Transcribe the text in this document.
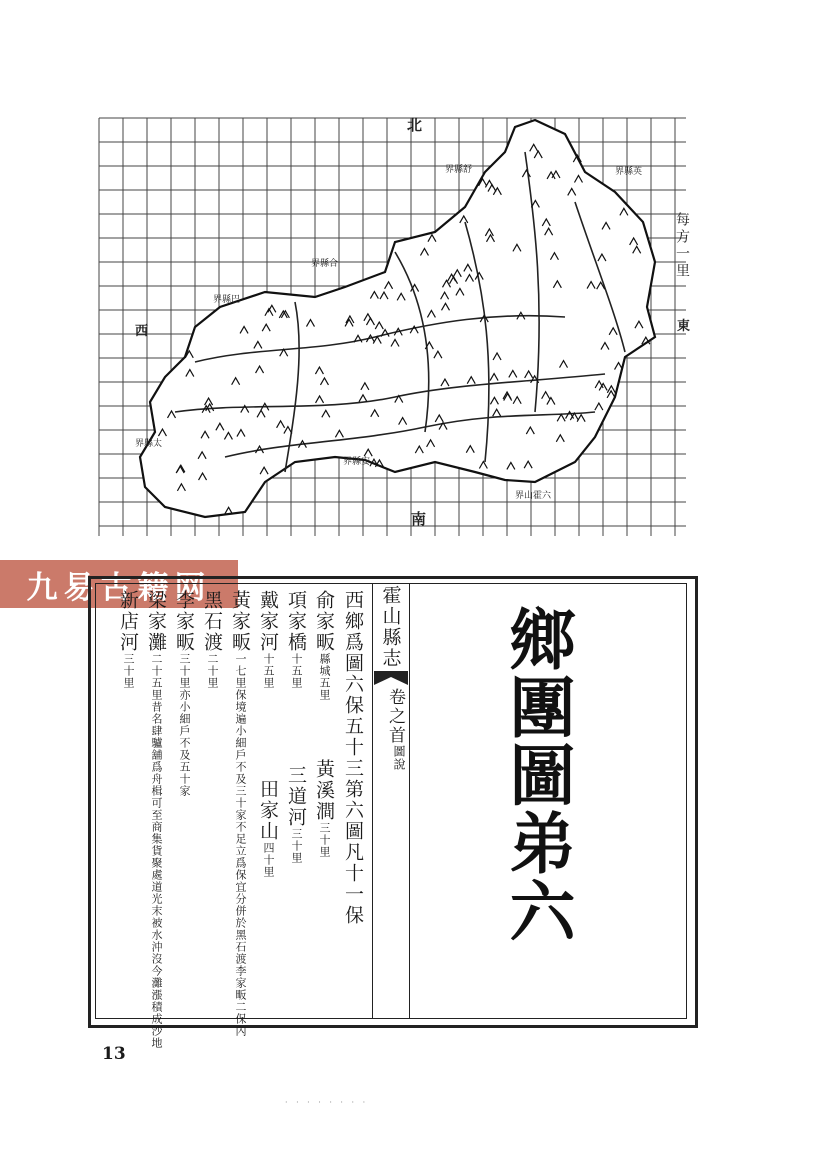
北
南
東
西
界縣舒
界縣合
界縣巴
界縣英
界縣太
界縣安
界山霍六
每方一里
九易古籍网	霍山縣志
卷之首
圖說 鄉團圖弟六
西鄉爲圖六保五十三第六圖凡十一保
俞家畈縣城五里黃溪澗三十里
項家橋十五里三道河三十里
戴家河十五里田家山四十里
黃家畈一七里保境遍小細戶不及三十家不足立爲保宜分併於黑石渡李家畈二保內
黑石渡二十里
李家畈三十里亦小細戶不及五十家
梁家灘二十五里昔名肆驢舖爲舟楫可至商集貨聚處道光末被水沖沒今灘漲積成沙地
新店河三十里
13
· · · · · · · ·
